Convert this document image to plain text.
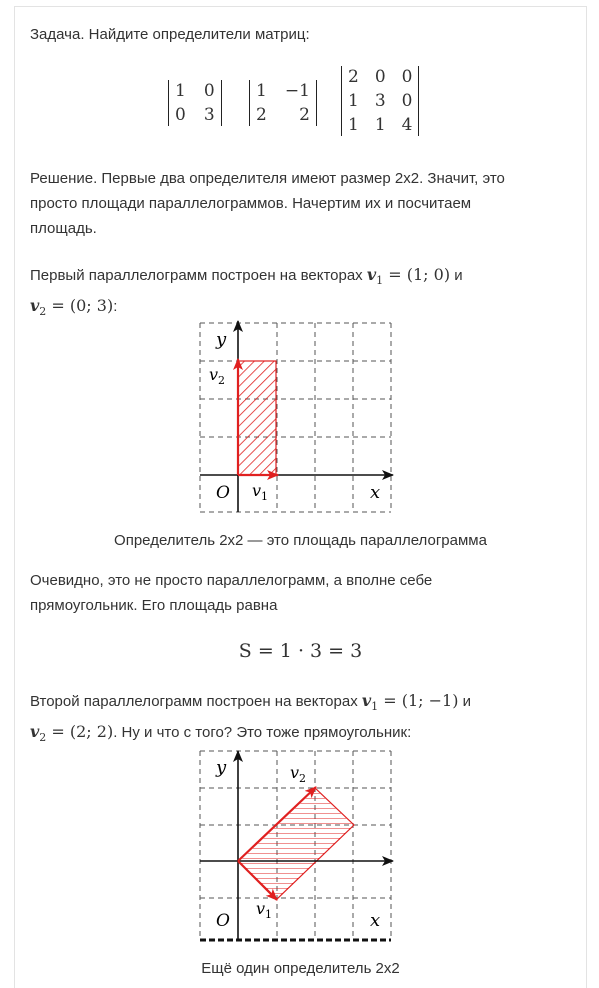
Задача. Найдите определители матриц:

1 0
0 3
1 −1
2	2
2 0 0
1 3 0
1 1 4

Решение. Первые два определителя имеют размер 2х2. Значит, это
просто площади параллелограммов. Начертим их и посчитаем
площадь.

Первый параллелограмм построен на векторах $v_1 = (1$; 0) и
$v_2 = (0$; 3):

y
$v_2$
O $v_1$	x

Определитель 2х2 — это площадь параллелограмма

Очевидно, это не просто параллелограмм, а вполне себе
прямоугольник. Его площадь равна

S = 1 · 3 = 3

Второй параллелограмм построен на векторах $v_1 = (1$; −1) и
$v_2 = (2$; 2). Ну и что с того? Это тоже прямоугольник:

y	$v_2$
O
$v_1$	x

Ещё один определитель 2х2
